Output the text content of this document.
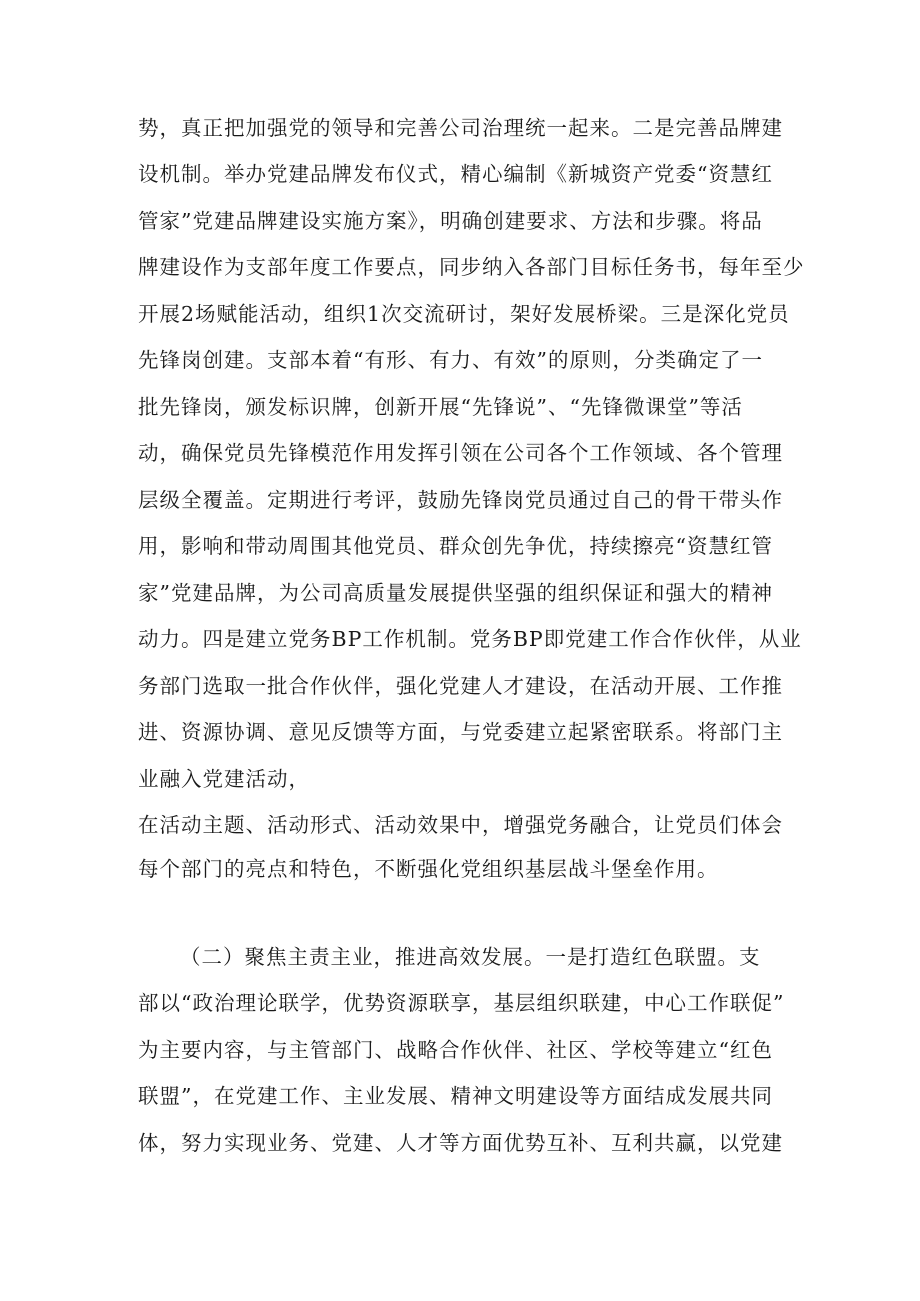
势，真正把加强党的领导和完善公司治理统一起来。二是完善品牌建
设机制。举办党建品牌发布仪式，精心编制《新城资产党委“资慧红
管家”党建品牌建设实施方案》，明确创建要求、方法和步骤。将品
牌建设作为支部年度工作要点，同步纳入各部门目标任务书，每年至少
开展2场赋能活动，组织1次交流研讨，架好发展桥梁。三是深化党员
先锋岗创建。支部本着“有形、有力、有效”的原则，分类确定了一
批先锋岗，颁发标识牌，创新开展“先锋说”、“先锋微课堂”等活
动，确保党员先锋模范作用发挥引领在公司各个工作领域、各个管理
层级全覆盖。定期进行考评，鼓励先锋岗党员通过自己的骨干带头作
用，影响和带动周围其他党员、群众创先争优，持续擦亮“资慧红管
家”党建品牌，为公司高质量发展提供坚强的组织保证和强大的精神
动力。四是建立党务BP工作机制。党务BP即党建工作合作伙伴，从业
务部门选取一批合作伙伴，强化党建人才建设，在活动开展、工作推
进、资源协调、意见反馈等方面，与党委建立起紧密联系。将部门主
业融入党建活动，
在活动主题、活动形式、活动效果中，增强党务融合，让党员们体会
每个部门的亮点和特色，不断强化党组织基层战斗堡垒作用。
（二）聚焦主责主业，推进高效发展。一是打造红色联盟。支
部以“政治理论联学，优势资源联享，基层组织联建，中心工作联促”
为主要内容，与主管部门、战略合作伙伴、社区、学校等建立“红色
联盟”，在党建工作、主业发展、精神文明建设等方面结成发展共同
体，努力实现业务、党建、人才等方面优势互补、互利共赢，以党建
